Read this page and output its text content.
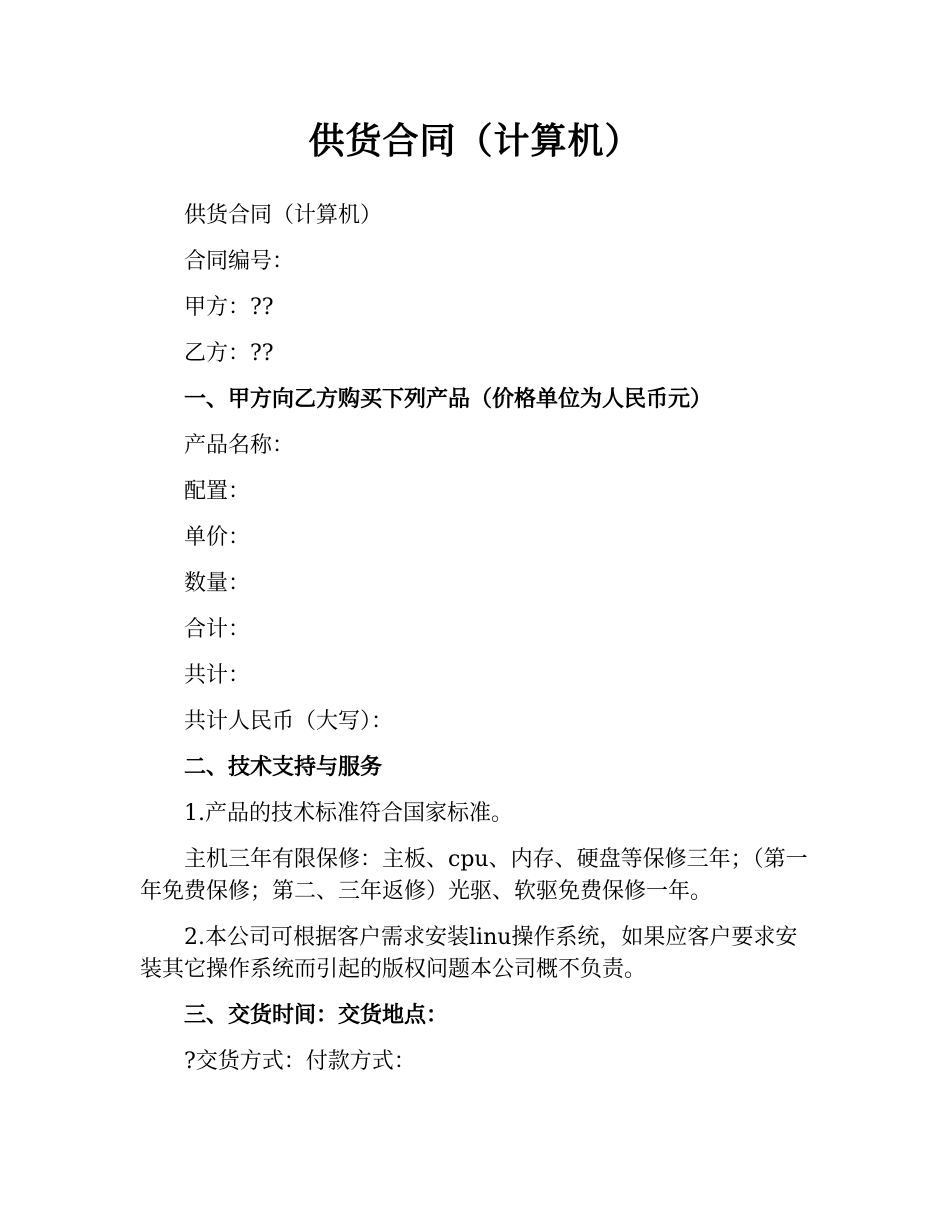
供货合同（计算机）
供货合同（计算机）
合同编号：
甲方：??
乙方：??
一、甲方向乙方购买下列产品（价格单位为人民币元）
产品名称：
配置：
单价：
数量：
合计：
共计：
共计人民币（大写）：
二、技术支持与服务
1.产品的技术标准符合国家标准。
主机三年有限保修：主板、cpu、内存、硬盘等保修三年；（第一年免费保修；第二、三年返修）光驱、软驱免费保修一年。
2.本公司可根据客户需求安装linu操作系统，如果应客户要求安装其它操作系统而引起的版权问题本公司概不负责。
三、交货时间：交货地点：
?交货方式：付款方式：
